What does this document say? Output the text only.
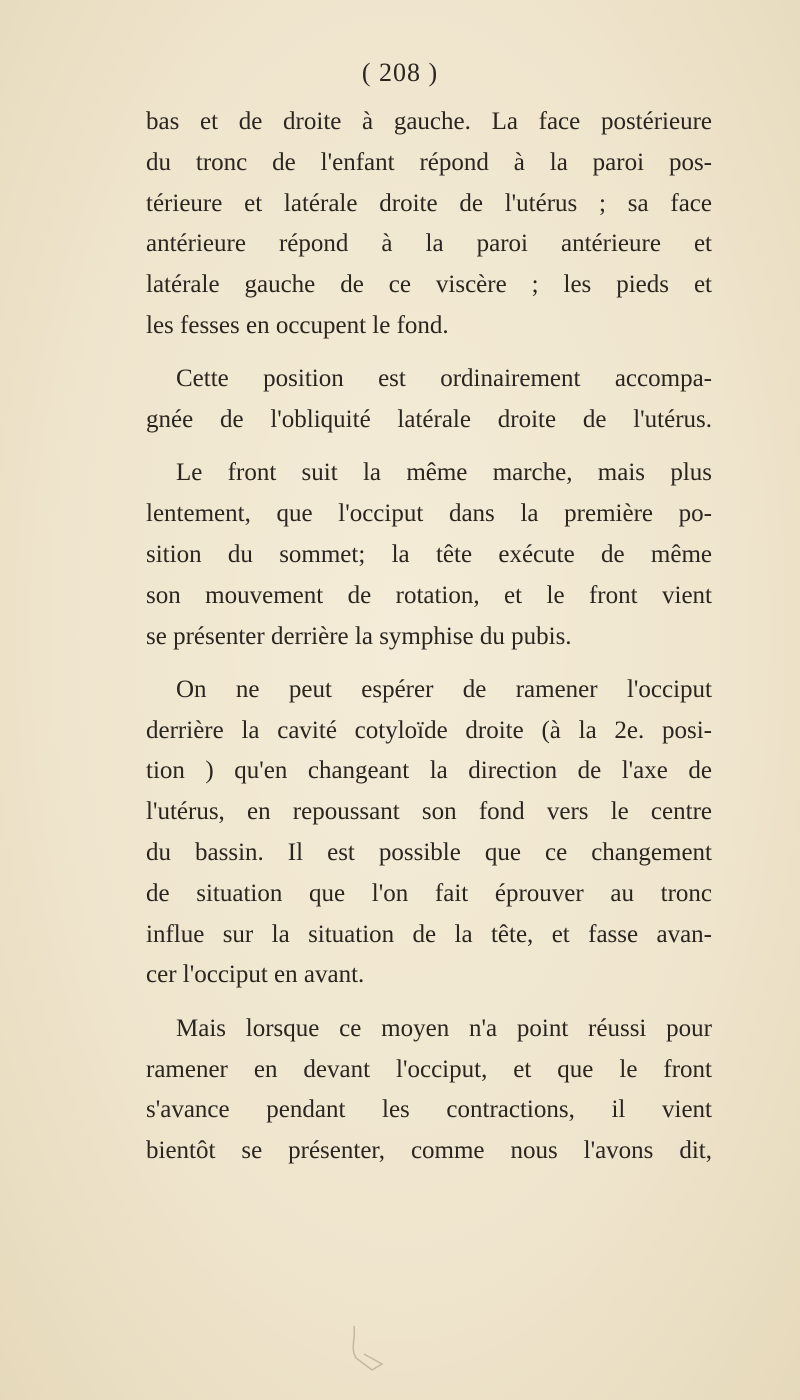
( 208 )

bas et de droite à gauche. La face postérieure
du tronc de l'enfant répond à la paroi pos-
térieure et latérale droite de l'utérus ; sa face
antérieure répond à la paroi antérieure et
latérale gauche de ce viscère ; les pieds et
les fesses en occupent le fond.

Cette position est ordinairement accompa-
gnée de l'obliquité latérale droite de l'utérus.

Le front suit la même marche, mais plus
lentement, que l'occiput dans la première po-
sition du sommet; la tête exécute de même
son mouvement de rotation, et le front vient
se présenter derrière la symphise du pubis.

On ne peut espérer de ramener l'occiput
derrière la cavité cotyloïde droite (à la 2e. posi-
tion ) qu'en changeant la direction de l'axe de
l'utérus, en repoussant son fond vers le centre
du bassin. Il est possible que ce changement
de situation que l'on fait éprouver au tronc
influe sur la situation de la tête, et fasse avan-
cer l'occiput en avant.

Mais lorsque ce moyen n'a point réussi pour
ramener en devant l'occiput, et que le front
s'avance pendant les contractions, il vient
bientôt se présenter, comme nous l'avons dit,
